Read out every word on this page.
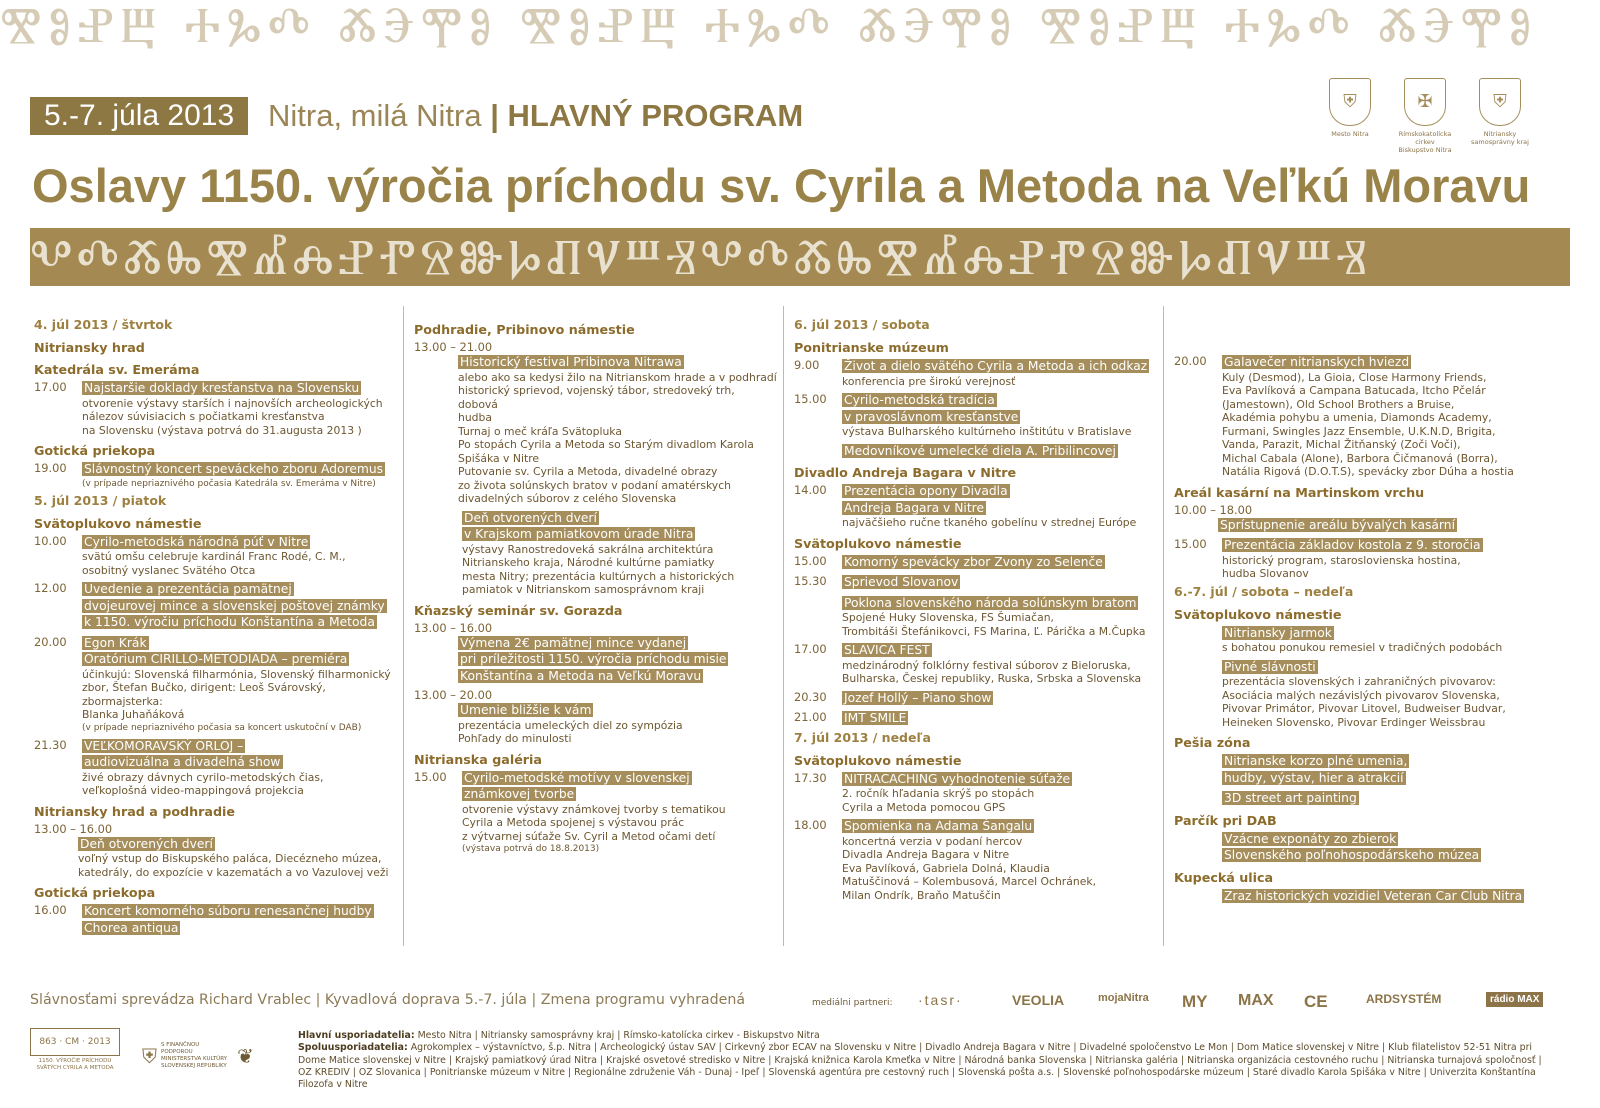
ⰊⰑⰐⰁ ⰀⰃⰄ ⰆⰅⰉⰑ ⰊⰑⰐⰁ ⰀⰃⰄ ⰆⰅⰉⰑ ⰊⰑⰐⰁ ⰀⰃⰄ ⰆⰅⰉⰑ
5.-7. júla 2013	Nitra, milá Nitra | HLAVNÝ PROGRAM
Oslavy 1150. výročia príchodu sv. Cyrila a Metoda na Veľkú Moravu
⛨
Mesto Nitra
✠
Rímskokatolícka cirkev
Biskupstvo Nitra
⛨
Nitriansky
samosprávny kraj
ⰂⰄⰆⰈⰊⰌⰎⰐⰒⰔⰖⰘⰚⰜⰞⰠⰂⰄⰆⰈⰊⰌⰎⰐⰒⰔⰖⰘⰚⰜⰞⰠ
4. júl 2013 / štvrtok
Nitriansky hrad
Katedrála sv. Emeráma
17.00	Najstaršie doklady kresťanstva na Slovensku
otvorenie výstavy starších i najnovších archeologických
nálezov súvisiacich s počiatkami kresťanstva
na Slovensku (výstava potrvá do 31.augusta 2013 )
Gotická priekopa
19.00	Slávnostný koncert speváckeho zboru Adoremus
(v prípade nepriaznivého počasia Katedrála sv. Emeráma v Nitre)
5. júl 2013 / piatok
Svätoplukovo námestie
10.00	Cyrilo-metodská národná púť v Nitre
svätú omšu celebruje kardinál Franc Rodé, C. M.,
osobitný vyslanec Svätého Otca
12.00	Uvedenie a prezentácia pamätnej
dvojeurovej mince a slovenskej poštovej známky
k 1150. výročiu príchodu Konštantína a Metoda
20.00	Egon Krák
Oratórium CIRILLO-METODIADA – premiéra
účinkujú: Slovenská filharmónia, Slovenský filharmonický
zbor, Štefan Bučko, dirigent: Leoš Svárovský, zbormajsterka:
Blanka Juhaňáková
(v prípade nepriaznivého počasia sa koncert uskutoční v DAB)
21.30	VEĽKOMORAVSKÝ ORLOJ –
audiovizuálna a divadelná show
živé obrazy dávnych cyrilo-metodských čias,
veľkoplošná video-mappingová projekcia
Nitriansky hrad a podhradie
13.00 – 16.00
Deň otvorených dverí
voľný vstup do Biskupského paláca, Diecézneho múzea,
katedrály, do expozície v kazematách a vo Vazulovej veži
Gotická priekopa
16.00	Koncert komorného súboru renesančnej hudby
Chorea antiqua
Podhradie, Pribinovo námestie
13.00 – 21.00
Historický festival Pribinova Nitrawa
alebo ako sa kedysi žilo na Nitrianskom hrade a v podhradí
historický sprievod, vojenský tábor, stredoveký trh, dobová
hudba
Turnaj o meč kráľa Svätopluka
Po stopách Cyrila a Metoda so Starým divadlom Karola
Spišáka v Nitre
Putovanie sv. Cyrila a Metoda, divadelné obrazy
zo života solúnskych bratov v podaní amatérskych
divadelných súborov z celého Slovenska
Deň otvorených dverí
v Krajskom pamiatkovom úrade Nitra
výstavy Ranostredoveká sakrálna architektúra
Nitrianskeho kraja, Národné kultúrne pamiatky
mesta Nitry; prezentácia kultúrnych a historických
pamiatok v Nitrianskom samosprávnom kraji
Kňazský seminár sv. Gorazda
13.00 – 16.00
Výmena 2€ pamätnej mince vydanej
pri príležitosti 1150. výročia príchodu misie
Konštantína a Metoda na Veľkú Moravu
13.00 – 20.00
Umenie bližšie k vám
prezentácia umeleckých diel zo sympózia
Pohľady do minulosti
Nitrianska galéria
15.00	Cyrilo-metodské motívy v slovenskej
známkovej tvorbe
otvorenie výstavy známkovej tvorby s tematikou
Cyrila a Metoda spojenej s výstavou prác
z výtvarnej súťaže Sv. Cyril a Metod očami detí
(výstava potrvá do 18.8.2013)
6. júl 2013 / sobota
Ponitrianske múzeum
9.00	Život a dielo svätého Cyrila a Metoda a ich odkaz
konferencia pre širokú verejnosť
15.00	Cyrilo-metodská tradícia
v pravoslávnom kresťanstve
výstava Bulharského kultúrneho inštitútu v Bratislave
Medovníkové umelecké diela A. Pribilincovej
Divadlo Andreja Bagara v Nitre
14.00	Prezentácia opony Divadla
Andreja Bagara v Nitre
najväčšieho ručne tkaného gobelínu v strednej Európe
Svätoplukovo námestie
15.00	Komorný spevácky zbor Zvony zo Selenče
15.30	Sprievod Slovanov
Poklona slovenského národa solúnskym bratom
Spojené Huky Slovenska, FS Šumiačan,
Trombitáši Štefánikovci, FS Marina, Ľ. Párička a M.Čupka
17.00	SLAVICA FEST
medzinárodný folklórny festival súborov z Bieloruska,
Bulharska, Českej republiky, Ruska, Srbska a Slovenska
20.30	Jozef Hollý – Piano show
21.00	IMT SMILE
7. júl 2013 / nedeľa
Svätoplukovo námestie
17.30	NITRACACHING vyhodnotenie súťaže
2. ročník hľadania skrýš po stopách
Cyrila a Metoda pomocou GPS
18.00	Spomienka na Adama Šangalu
koncertná verzia v podaní hercov
Divadla Andreja Bagara v Nitre
Eva Pavlíková, Gabriela Dolná, Klaudia
Matuščinová – Kolembusová, Marcel Ochránek,
Milan Ondrík, Braňo Matuščin
20.00	Galavečer nitrianskych hviezd
Kuly (Desmod), La Gioia, Close Harmony Friends,
Eva Pavlíková a Campana Batucada, Itcho Pčelár
(Jamestown), Old School Brothers a Bruise,
Akadémia pohybu a umenia, Diamonds Academy,
Furmani, Swingles Jazz Ensemble, U.K.N.D, Brigita,
Vanda, Parazit, Michal Žitňanský (Zoči Voči),
Michal Cabala (Alone), Barbora Čičmanová (Borra),
Natália Rigová (D.O.T.S), spevácky zbor Dúha a hostia
Areál kasární na Martinskom vrchu
10.00 – 18.00
Sprístupnenie areálu bývalých kasární
15.00	Prezentácia základov kostola z 9. storočia
historický program, staroslovienska hostina,
hudba Slovanov
6.-7. júl / sobota – nedeľa
Svätoplukovo námestie
Nitriansky jarmok
s bohatou ponukou remesiel v tradičných podobách
Pivné slávnosti
prezentácia slovenských i zahraničných pivovarov:
Asociácia malých nezávislých pivovarov Slovenska,
Pivovar Primátor, Pivovar Litovel, Budweiser Budvar,
Heineken Slovensko, Pivovar Erdinger Weissbrau
Pešia zóna
Nitrianske korzo plné umenia,
hudby, výstav, hier a atrakcií
3D street art painting
Parčík pri DAB
Vzácne exponáty zo zbierok
Slovenského poľnohospodárskeho múzea
Kupecká ulica
Zraz historických vozidiel Veteran Car Club Nitra
Slávnosťami sprevádza Richard Vrablec | Kyvadlová doprava 5.-7. júla | Zmena programu vyhradená	mediálni partneri: ·tasr·	VEOLIA	mojaNitra MY MAX CE	ARDSYSTÉM	rádio MAX
863 · CM · 2013
1150. VÝROČIE PRÍCHODU SVÄTÝCH CYRILA A METODA	⛨ S FINANČNOU PODPOROU MINISTERSTVA KULTÚRY SLOVENSKEJ REPUBLIKY ❦
Hlavní usporiadatelia: Mesto Nitra | Nitriansky samosprávny kraj | Rímsko-katolícka cirkev - Biskupstvo Nitra
Spoluusporiadatelia: Agrokomplex – výstavníctvo, š.p. Nitra | Archeologický ústav SAV | Cirkevný zbor ECAV na Slovensku v Nitre | Divadlo Andreja Bagara v Nitre | Divadelné spoločenstvo Le Mon | Dom Matice slovenskej v Nitre | Klub filatelistov 52-51 Nitra pri Dome Matice slovenskej v Nitre | Krajský pamiatkový úrad Nitra | Krajské osvetové stredisko v Nitre | Krajská knižnica Karola Kmeťka v Nitre | Národná banka Slovenska | Nitrianska galéria | Nitrianska organizácia cestovného ruchu | Nitrianska turnajová spoločnosť | OZ KREDIV | OZ Slovanica | Ponitrianske múzeum v Nitre | Regionálne združenie Váh - Dunaj - Ipeľ | Slovenská agentúra pre cestovný ruch | Slovenská pošta a.s. | Slovenské poľnohospodárske múzeum | Staré divadlo Karola Spišáka v Nitre | Univerzita Konštantína Filozofa v Nitre
